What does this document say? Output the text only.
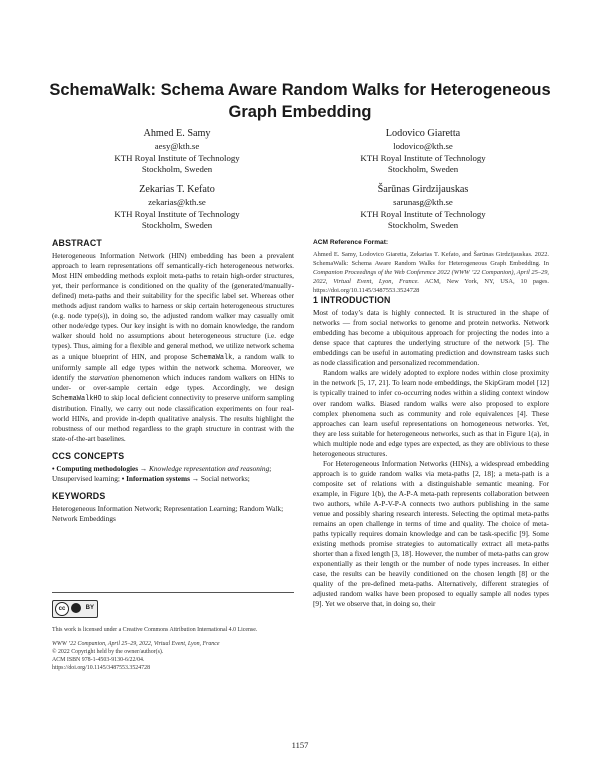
SchemaWalk: Schema Aware Random Walks for Heterogeneous Graph Embedding
Ahmed E. Samy
aesy@kth.se
KTH Royal Institute of Technology
Stockholm, Sweden
Lodovico Giaretta
lodovico@kth.se
KTH Royal Institute of Technology
Stockholm, Sweden
Zekarias T. Kefato
zekarias@kth.se
KTH Royal Institute of Technology
Stockholm, Sweden
Šarūnas Girdzijauskas
sarunasg@kth.se
KTH Royal Institute of Technology
Stockholm, Sweden
ABSTRACT

Heterogeneous Information Network (HIN) embedding has been a prevalent approach to learn representations off semantically-rich heterogeneous networks. Most HIN embedding methods exploit meta-paths to retain high-order structures, yet, their performance is conditioned on the quality of the (generated/manually-defined) meta-paths and their suitability for the specific label set. Whereas other methods adjust random walks to harness or skip certain heterogeneous structures (e.g. node type(s)), in doing so, the adjusted random walker may casually omit other node/edge types. Our key insight is with no domain knowledge, the random walker should hold no assumptions about heterogeneous structure (i.e. edge types). Thus, aiming for a flexible and general method, we utilize network schema as a unique blueprint of HIN, and propose SchemaWalk, a random walk to uniformly sample all edge types within the network schema. Moreover, we identify the starvation phenomenon which induces random walkers on HINs to under- or over-sample certain edge types. Accordingly, we design SchemaWalkHO to skip local deficient connectivity to preserve uniform sampling distribution. Finally, we carry out node classification experiments on four real-world HINs, and provide in-depth qualitative analysis. The results highlight the robustness of our method regardless to the graph structure in contrast with the state-of-the-art baselines.

CCS CONCEPTS

• Computing methodologies → Knowledge representation and reasoning; Unsupervised learning; • Information systems → Social networks;

KEYWORDS

Heterogeneous Information Network; Representation Learning; Random Walk; Network Embeddings

cc	BY
This work is licensed under a Creative Commons Attribution International 4.0 License.
WWW ’22 Companion, April 25–29, 2022, Virtual Event, Lyon, France
© 2022 Copyright held by the owner/author(s).
ACM ISBN 978-1-4503-9130-6/22/04.
https://doi.org/10.1145/3487553.3524728
ACM Reference Format:

Ahmed E. Samy, Lodovico Giaretta, Zekarias T. Kefato, and Šarūnas Girdzijauskas. 2022. SchemaWalk: Schema Aware Random Walks for Heterogeneous Graph Embedding. In Companion Proceedings of the Web Conference 2022 (WWW ’22 Companion), April 25–29, 2022, Virtual Event, Lyon, France. ACM, New York, NY, USA, 10 pages. https://doi.org/10.1145/3487553.3524728

1 INTRODUCTION

Most of today’s data is highly connected. It is structured in the shape of networks — from social networks to genome and protein networks. Network embedding has become a ubiquitous approach for projecting the nodes into a dense space that captures the underlying structure of the network [5]. The embeddings can be useful in automating prediction and downstream tasks such as node classification and personalized recommendation.

Random walks are widely adopted to explore nodes within close proximity in the network [5, 17, 21]. To learn node embeddings, the SkipGram model [12] is typically trained to infer co-occurring nodes within a sliding context window over random walks. Biased random walks were also proposed to explore complex phenomena such as community and role equivalences [4]. These approaches can learn useful representations on homogeneous networks. Yet, they are less suitable for heterogeneous networks, such as that in Figure 1(a), in which multiple node and edge types are expected, as they are oblivious to these heterogeneous structures.

For Heterogeneous Information Networks (HINs), a widespread embedding approach is to guide random walks via meta-paths [2, 18]; a meta-path is a composite set of relations with a distinguishable semantic meaning. For example, in Figure 1(b), the A-P-A meta-path represents collaboration between two authors, while A-P-V-P-A connects two authors publishing in the same venue and possibly sharing research interests. Selecting the optimal meta-paths remains an open challenge in terms of time and quality. The choice of meta-paths typically requires domain knowledge and can be task-specific [9]. Some existing methods promise strategies to automatically extract all meta-paths shorter than a fixed length [3, 18]. However, the number of meta-paths can grow exponentially as their length or the number of node types increases. In either case, the results can be heavily conditioned on the chosen length [8] or the quality of the pre-defined meta-paths. Alternatively, different strategies of adjusted random walks have been proposed to equally sample all nodes types [9]. Yet we observe that, in doing so, their

1157
